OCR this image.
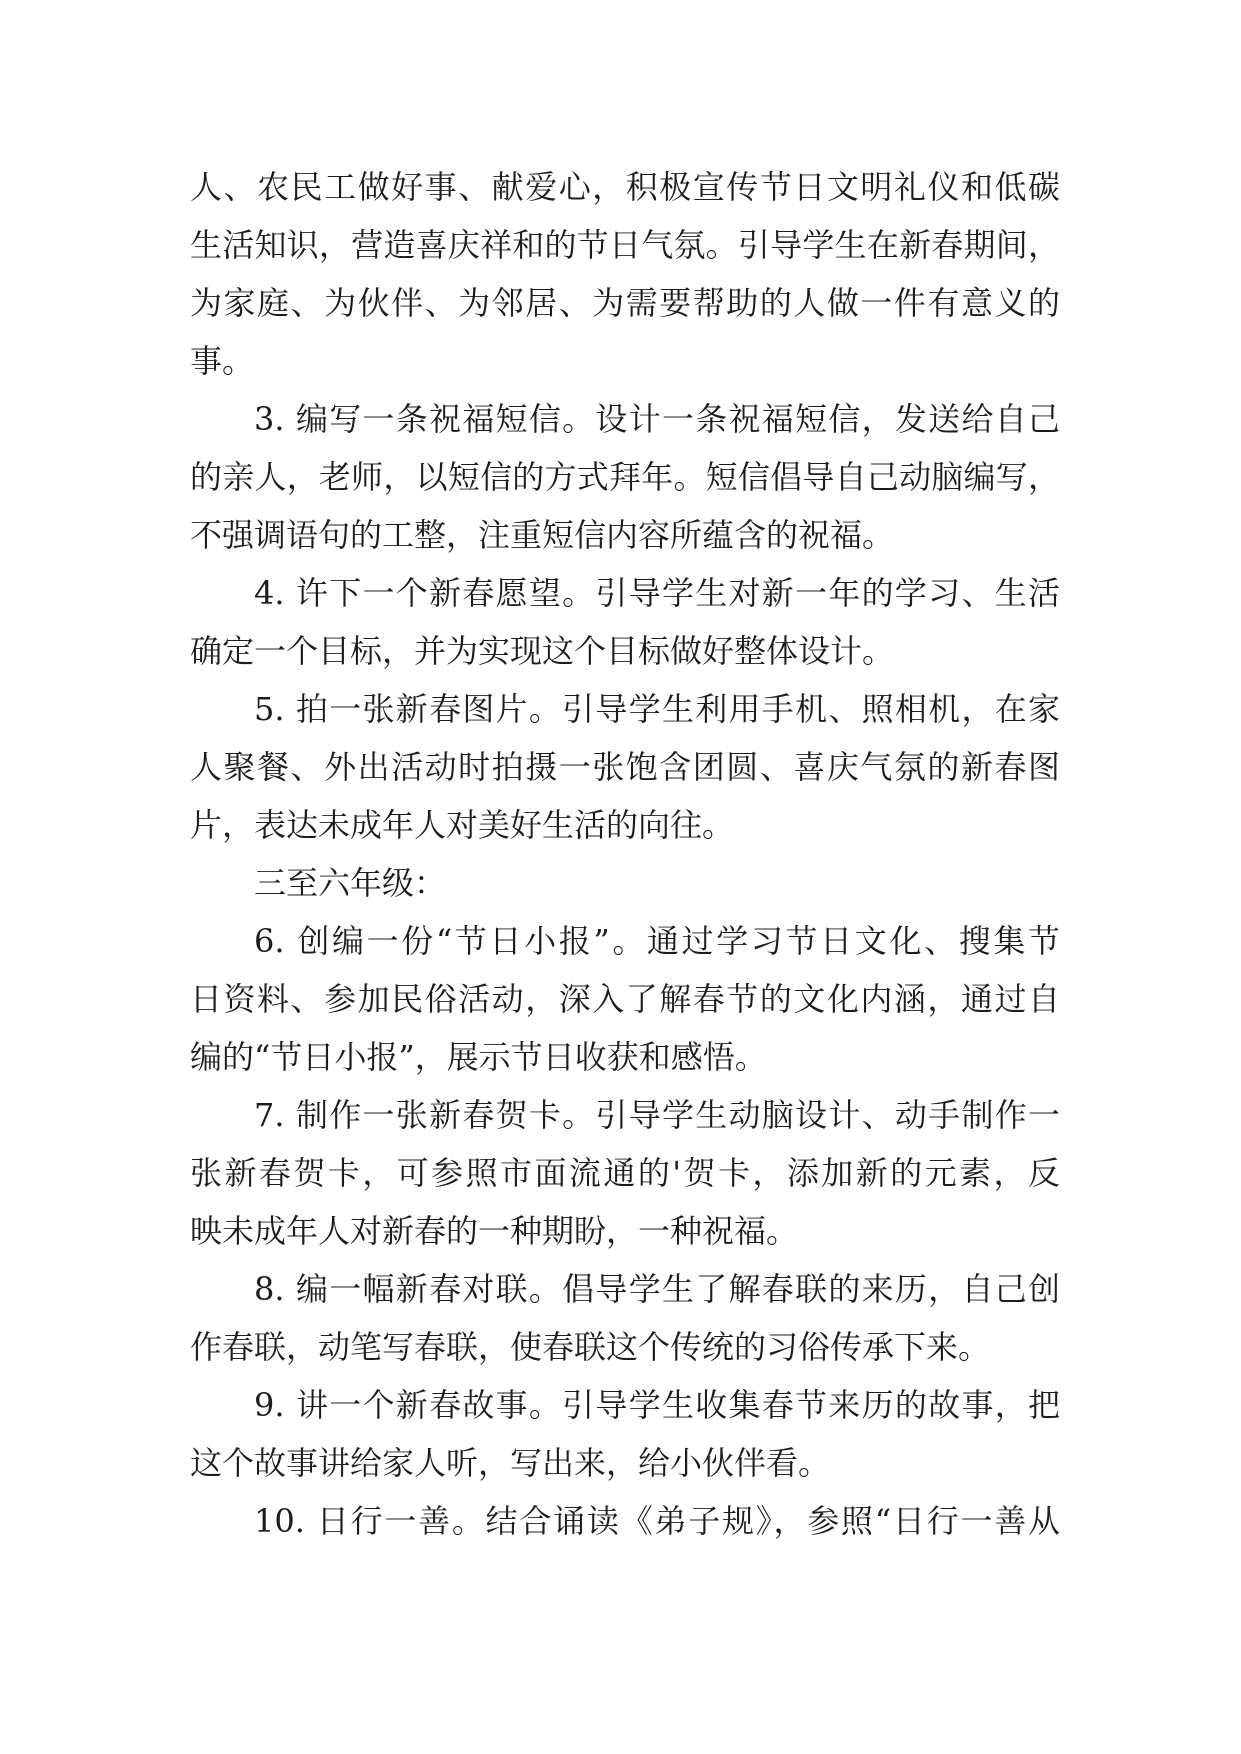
人、农民工做好事、献爱心，积极宣传节日文明礼仪和低碳
生活知识，营造喜庆祥和的节日气氛。引导学生在新春期间，
为家庭、为伙伴、为邻居、为需要帮助的人做一件有意义的
事。
3. 编写一条祝福短信。设计一条祝福短信，发送给自己
的亲人，老师，以短信的方式拜年。短信倡导自己动脑编写，
不强调语句的工整，注重短信内容所蕴含的祝福。
4. 许下一个新春愿望。引导学生对新一年的学习、生活
确定一个目标，并为实现这个目标做好整体设计。
5. 拍一张新春图片。引导学生利用手机、照相机，在家
人聚餐、外出活动时拍摄一张饱含团圆、喜庆气氛的新春图
片，表达未成年人对美好生活的向往。
三至六年级：
6. 创编一份“节日小报”。通过学习节日文化、搜集节
日资料、参加民俗活动，深入了解春节的文化内涵，通过自
编的“节日小报”，展示节日收获和感悟。
7. 制作一张新春贺卡。引导学生动脑设计、动手制作一
张新春贺卡，可参照市面流通的'贺卡，添加新的元素，反
映未成年人对新春的一种期盼，一种祝福。
8. 编一幅新春对联。倡导学生了解春联的来历，自己创
作春联，动笔写春联，使春联这个传统的习俗传承下来。
9. 讲一个新春故事。引导学生收集春节来历的故事，把
这个故事讲给家人听，写出来，给小伙伴看。
10. 日行一善。结合诵读《弟子规》，参照“日行一善从
